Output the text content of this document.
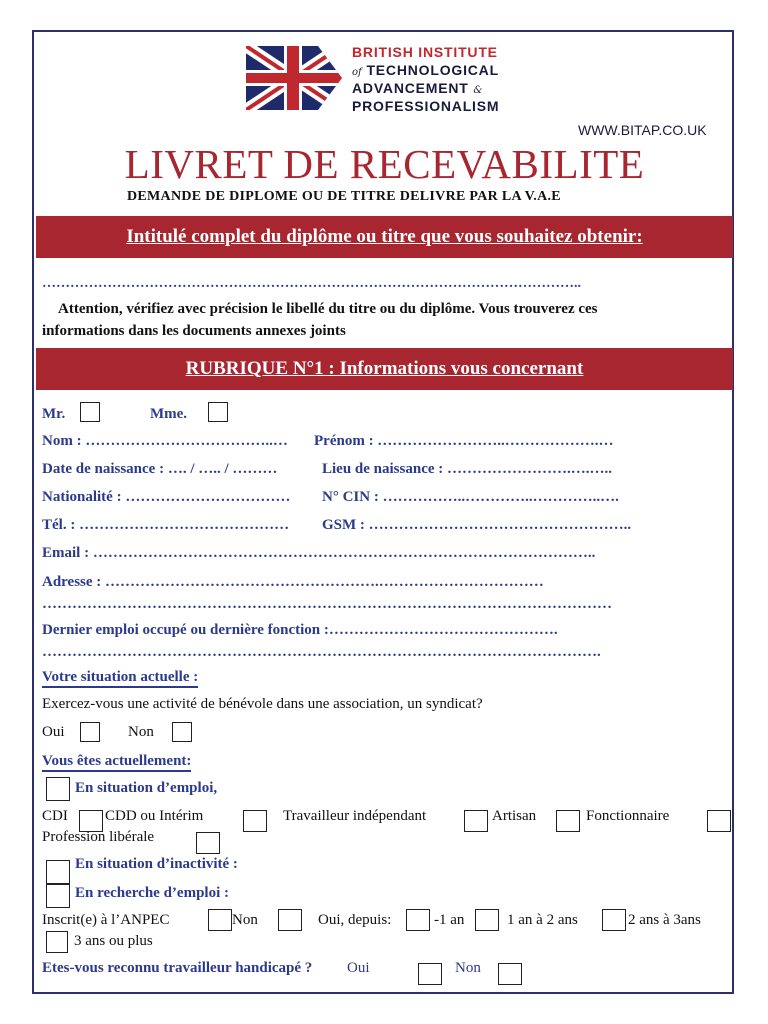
BRITISH INSTITUTE
of TECHNOLOGICAL
ADVANCEMENT &
PROFESSIONALISM
WWW.BITAP.CO.UK
LIVRET DE RECEVABILITE
DEMANDE DE DIPLOME OU DE TITRE DELIVRE PAR LA V.A.E
Intitulé complet du diplôme ou titre que vous souhaitez obtenir:
……………………………………………………………………………………………………..
Attention, vérifiez avec précision le libellé du titre ou du diplôme. Vous trouverez ces
informations dans les documents annexes joints
RUBRIQUE N°1 : Informations vous concernant
Mr.	Mme.
Nom : ………………………………..… Prénom : ……………………..……………….…
Date de naissance : …. / ….. / ………	Lieu de naissance : …………………….….…..
Nationalité : …………………………… N° CIN : ……………..…………..…………..….
Tél. : …………………………………… GSM : ……………………………………………..
Email : ………………………………………………………………………………………..
Adresse : ……………………………………………….……………………………
……………………………………………………………………………………………………
Dernier emploi occupé ou dernière fonction :……………………………………….
………………………………………………………………………………………………….
Votre situation actuelle :
Exercez-vous une activité de bénévole dans une association, un syndicat?
Oui	Non
Vous êtes actuellement:
En situation d’emploi,
CDI CDD ou Intérim	Travailleur indépendant	Artisan	Fonctionnaire
Profession libérale
En situation d’inactivité :
En recherche d’emploi :
Inscrit(e) à l’ANPEC	Non	Oui, depuis:	-1 an	1 an à 2 ans	2 ans à 3ans
3 ans ou plus
Etes-vous reconnu travailleur handicapé ? Oui	Non
